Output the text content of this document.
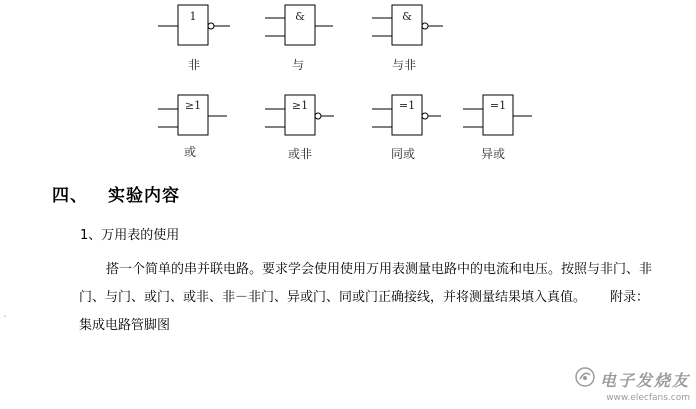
1	&	&
≥1	≥1	=1	=1
非	与	与非
或	或非	同或	异或
四、 实验内容
1、万用表的使用
搭一个简单的串并联电路。要求学会使用使用万用表测量电路中的电流和电压。按照与非门、非门、与门、或门、或非、非－非门、异或门、同或门正确接线，并将测量结果填入真值。 附录：集成电路管脚图
ˇ
电子发烧友
www.elecfans.com
